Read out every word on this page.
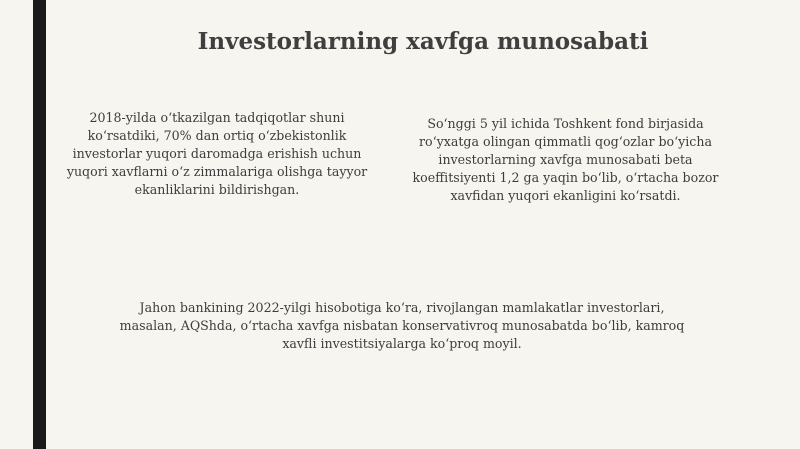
Investorlarning xavfga munosabati

2018-yilda o‘tkazilgan tadqiqotlar shuni ko‘rsatdiki, 70% dan ortiq o‘zbekistonlik investorlar yuqori daromadga erishish uchun yuqori xavflarni o‘z zimmalariga olishga tayyor ekanliklarini bildirishgan.

So‘nggi 5 yil ichida Toshkent fond birjasida ro‘yxatga olingan qimmatli qog‘ozlar bo‘yicha investorlarning xavfga munosabati beta koeffitsiyenti 1,2 ga yaqin bo‘lib, o‘rtacha bozor xavfidan yuqori ekanligini ko‘rsatdi.

Jahon bankining 2022-yilgi hisobotiga ko‘ra, rivojlangan mamlakatlar investorlari, masalan, AQShda, o‘rtacha xavfga nisbatan konservativroq munosabatda bo‘lib, kamroq xavfli investitsiyalarga ko‘proq moyil.
